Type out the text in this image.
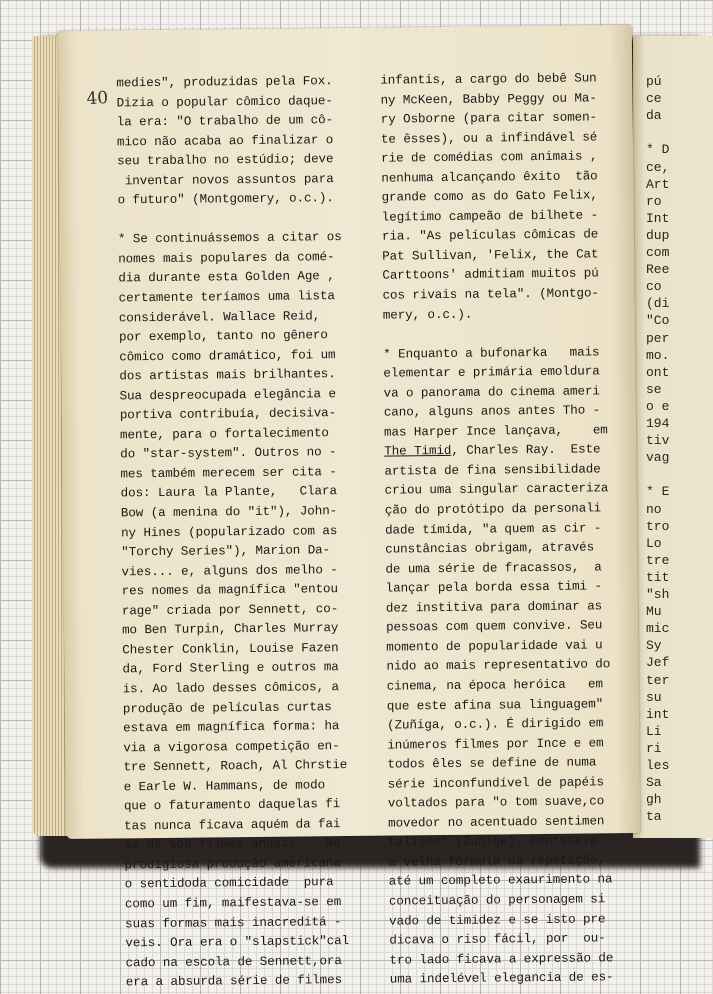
pú
ce
da
* D
ce,
Art
ro
Int
dup
com
Ree
co
(di
"Co
per
mo.
ont
se
o e
194
tiv
vag
* E
no
tro
Lo
tre
tit
"sh
Mu
mic
Sy
Jef
ter
su
int
Li
ri
les
Sa
gh
ta
* E
40
medies", produzidas pela Fox.
Dizia o popular cômico daque-
la era: "O trabalho de um cô-
mico não acaba ao finalizar o
seu trabalho no estúdio; deve
inventar novos assuntos para
o futuro" (Montgomery, o.c.).
* Se continuássemos a citar os
nomes mais populares da comé-
dia durante esta Golden Age ,
certamente teríamos uma lista
considerável. Wallace Reid,
por exemplo, tanto no gênero
cômico como dramático, foi um
dos artistas mais brilhantes.
Sua despreocupada elegância e
portiva contribuía, decisiva-
mente, para o fortalecimento
do "star-system". Outros no -
mes também merecem ser cita -
dos: Laura la Plante,   Clara
Bow (a menina do "it"), John-
ny Hines (popularizado com as
"Torchy Series"), Marion Da-
vies... e, alguns dos melho -
res nomes da magnífica "entou
rage" criada por Sennett, co-
mo Ben Turpin, Charles Murray
Chester Conklin, Louise Fazen
da, Ford Sterling e outros ma
is. Ao lado desses cômicos, a
produção de películas curtas
estava em magnífica forma: ha
via a vigorosa competição en-
tre Sennett, Roach, Al Chrstie
e Earle W. Hammans, de modo
que o faturamento daquelas fi
tas nunca ficava aquém da fai
xa de 500 filmes anuais.   Na
prodigiosa produção americana
o sentidoda comicidade  pura
como um fim, maifestava-se em
suas formas mais inacreditá -
veis. Ora era o "slapstick"cal
cado na escola de Sennett,ora
era a absurda série de filmes
infantis, a cargo do bebê Sun
ny McKeen, Babby Peggy ou Ma-
ry Osborne (para citar somen-
te êsses), ou a infindável sé
rie de comédias com animais ,
nenhuma alcançando êxito  tão
grande como as do Gato Felix,
legítimo campeão de bilhete -
ria. "As películas cômicas de
Pat Sullivan, 'Felix, the Cat
Carttoons' admitiam muitos pú
cos rivais na tela". (Montgo-
mery, o.c.).
* Enquanto a bufonarka   mais
elementar e primária emoldura
va o panorama do cinema ameri
cano, alguns anos antes Tho -
mas Harper Ince lançava,    em
The Timid, Charles Ray.  Este
artista de fina sensibilidade
criou uma singular caracteriza
ção do protótipo da personali
dade tímida, "a quem as cir -
cunstâncias obrigam, através
de uma série de fracassos,  a
lançar pela borda essa timi -
dez institiva para dominar as
pessoas com quem convive. Seu
momento de popularidade vai u
nido ao mais representativo do
cinema, na época heróica   em
que este afina sua linguagem"
(Zuñiga, o.c.). É dirigido em
inúmeros filmes por Ince e em
todos êles se define de numa
série inconfundível de papéis
voltados para "o tom suave,co
movedor no acentuado sentimen
talismo" (Zuñiga). Empregava
a velha fórmula da repetição,
até um completo exaurimento na
conceituação do personagem si
vado de timidez e se isto pre
dicava o riso fácil, por  ou-
tro lado ficava a expressão de
uma indelével elegancia de es-
